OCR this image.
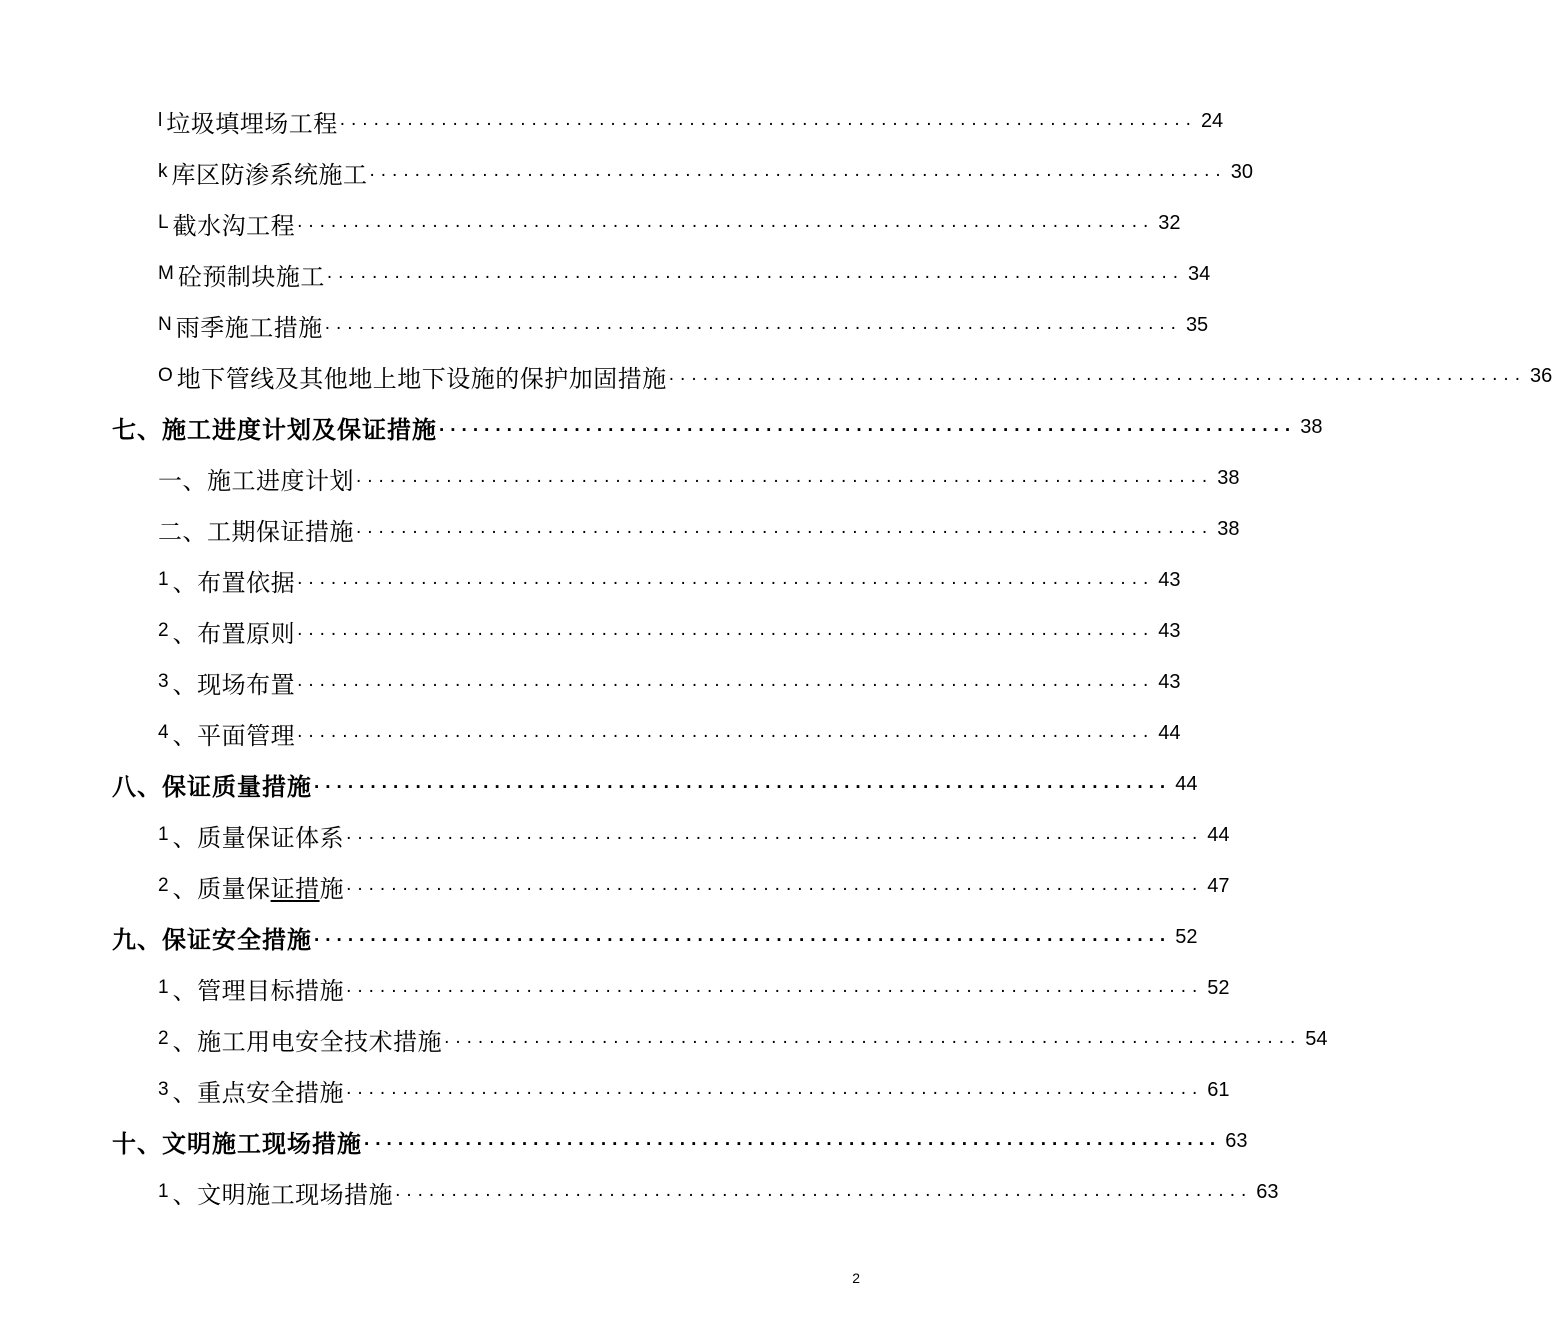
l 垃圾填埋场工程 ............................................................................ 24
k 库区防渗系统施工 ............................................................................ 30
L 截水沟工程 ............................................................................ 32
M 砼预制块施工 ............................................................................ 34
N 雨季施工措施 ............................................................................ 35
O 地下管线及其他地上地下设施的保护加固措施 ............................................................................ 36
七、施工进度计划及保证措施 ............................................................................ 38
一、施工进度计划 ............................................................................ 38
二、工期保证措施 ............................................................................ 38
1 、布置依据 ............................................................................ 43
2 、布置原则 ............................................................................ 43
3 、现场布置 ............................................................................ 43
4 、平面管理 ............................................................................ 44
八、保证质量措施 ............................................................................ 44
1 、质量保证体系 ............................................................................ 44
2 、质量保证措施 ............................................................................ 47
九、保证安全措施 ............................................................................ 52
1 、管理目标措施 ............................................................................ 52
2 、施工用电安全技术措施 ............................................................................ 54
3 、重点安全措施 ............................................................................ 61
十、文明施工现场措施 ............................................................................ 63
1 、文明施工现场措施 ............................................................................ 63
2
